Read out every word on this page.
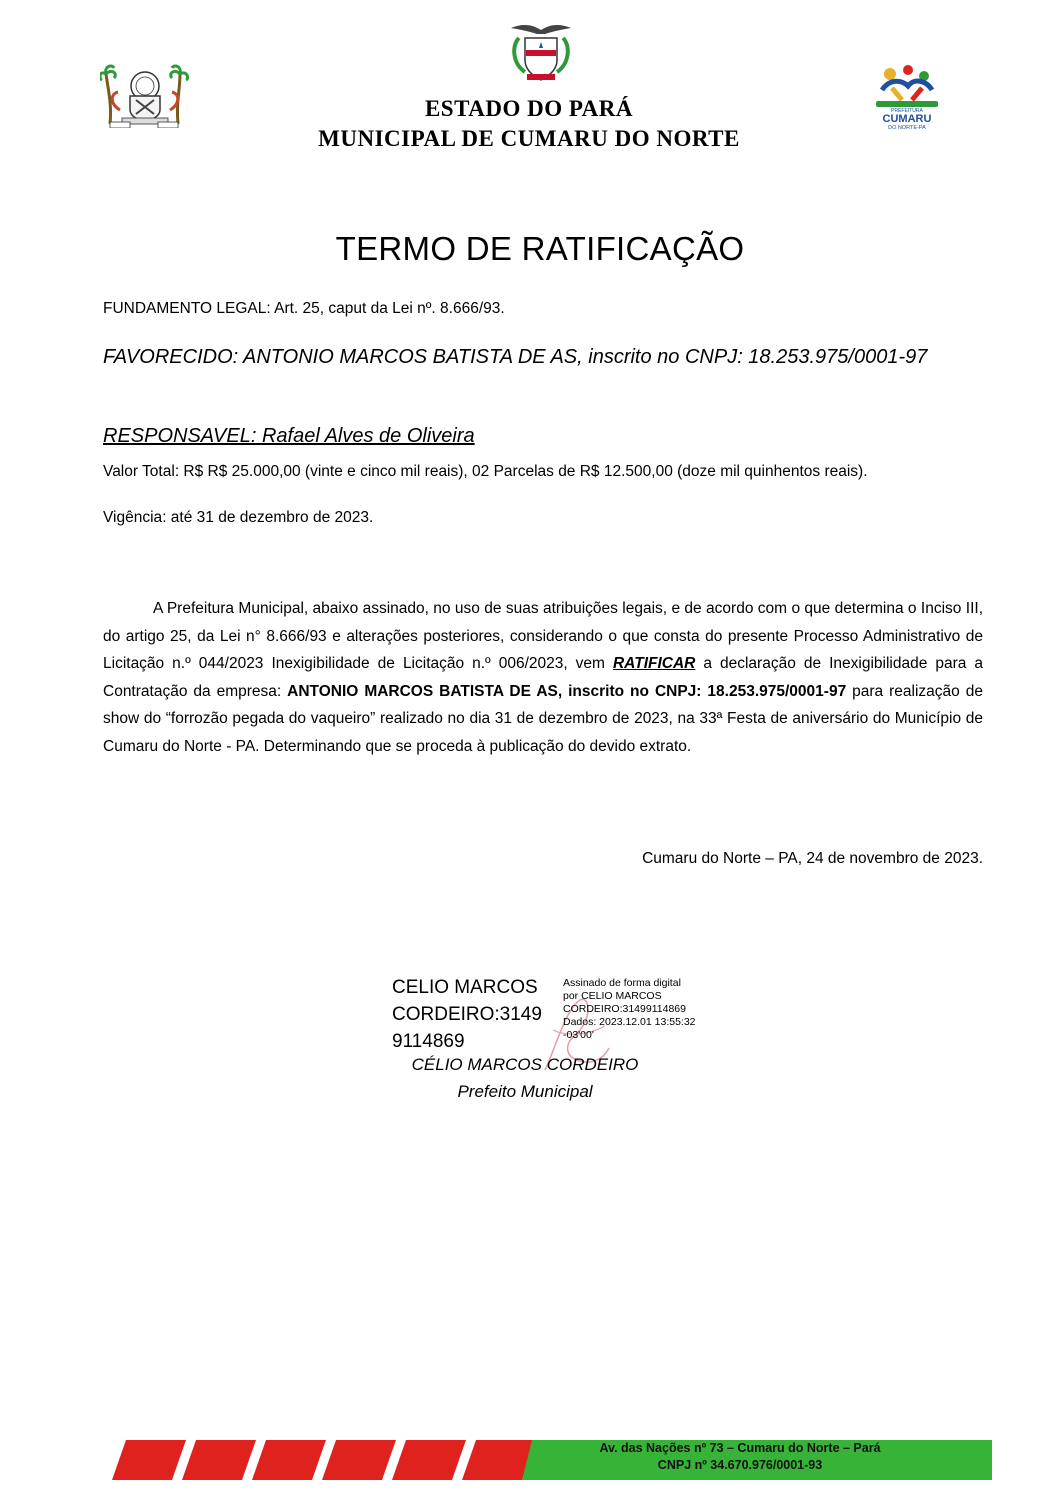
PREFEITURA
CUMARU
DO NORTE-PA
ESTADO DO PARÁ
MUNICIPAL DE CUMARU DO NORTE
TERMO DE RATIFICAÇÃO
FUNDAMENTO LEGAL: Art. 25, caput da Lei nº. 8.666/93.
FAVORECIDO: ANTONIO MARCOS BATISTA DE AS, inscrito no CNPJ: 18.253.975/0001-97
RESPONSAVEL: Rafael Alves de Oliveira
Valor Total: R$ R$ 25.000,00 (vinte e cinco mil reais), 02 Parcelas de R$ 12.500,00 (doze mil quinhentos reais).
Vigência: até 31 de dezembro de 2023.
A Prefeitura Municipal, abaixo assinado, no uso de suas atribuições legais, e de acordo com o que determina o Inciso III, do artigo 25, da Lei n° 8.666/93 e alterações posteriores, considerando o que consta do presente Processo Administrativo de Licitação n.º 044/2023 Inexigibilidade de Licitação n.º 006/2023, vem RATIFICAR a declaração de Inexigibilidade para a Contratação da empresa: ANTONIO MARCOS BATISTA DE AS, inscrito no CNPJ: 18.253.975/0001-97 para realização de show do “forrozão pegada do vaqueiro” realizado no dia 31 de dezembro de 2023, na 33ª Festa de aniversário do Município de Cumaru do Norte - PA. Determinando que se proceda à publicação do devido extrato.
Cumaru do Norte – PA, 24 de novembro de 2023.
CELIO MARCOS
CORDEIRO:3149
9114869
Assinado de forma digital
por CELIO MARCOS
CORDEIRO:31499114869
Dados: 2023.12.01 13:55:32
-03'00'
CÉLIO MARCOS CORDEIRO
Prefeito Municipal
Av. das Nações nº 73 – Cumaru do Norte – Pará
CNPJ nº 34.670.976/0001-93
